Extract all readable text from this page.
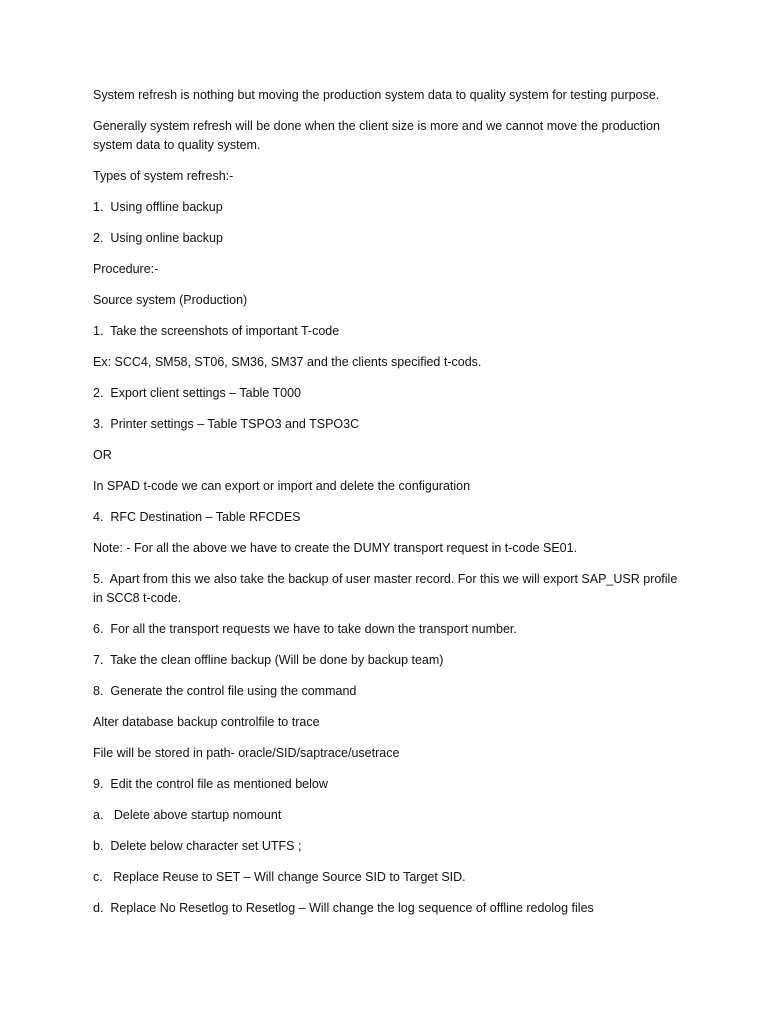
System refresh is nothing but moving the production system data to quality system for testing purpose.

Generally system refresh will be done when the client size is more and we cannot move the production system data to quality system.

Types of system refresh:-

1.  Using offline backup

2.  Using online backup

Procedure:-

Source system (Production)

1.  Take the screenshots of important T-code

Ex: SCC4, SM58, ST06, SM36, SM37 and the clients specified t-cods.

2.  Export client settings – Table T000

3.  Printer settings – Table TSPO3 and TSPO3C

OR

In SPAD t-code we can export or import and delete the configuration

4.  RFC Destination – Table RFCDES

Note: - For all the above we have to create the DUMY transport request in t-code SE01.

5.  Apart from this we also take the backup of user master record. For this we will export SAP_USR profile in SCC8 t-code.

6.  For all the transport requests we have to take down the transport number.

7.  Take the clean offline backup (Will be done by backup team)

8.  Generate the control file using the command

Alter database backup controlfile to trace

File will be stored in path- oracle/SID/saptrace/usetrace

9.  Edit the control file as mentioned below

a.   Delete above startup nomount

b.  Delete below character set UTFS ;

c.   Replace Reuse to SET – Will change Source SID to Target SID.

d.  Replace No Resetlog to Resetlog – Will change the log sequence of offline redolog files
